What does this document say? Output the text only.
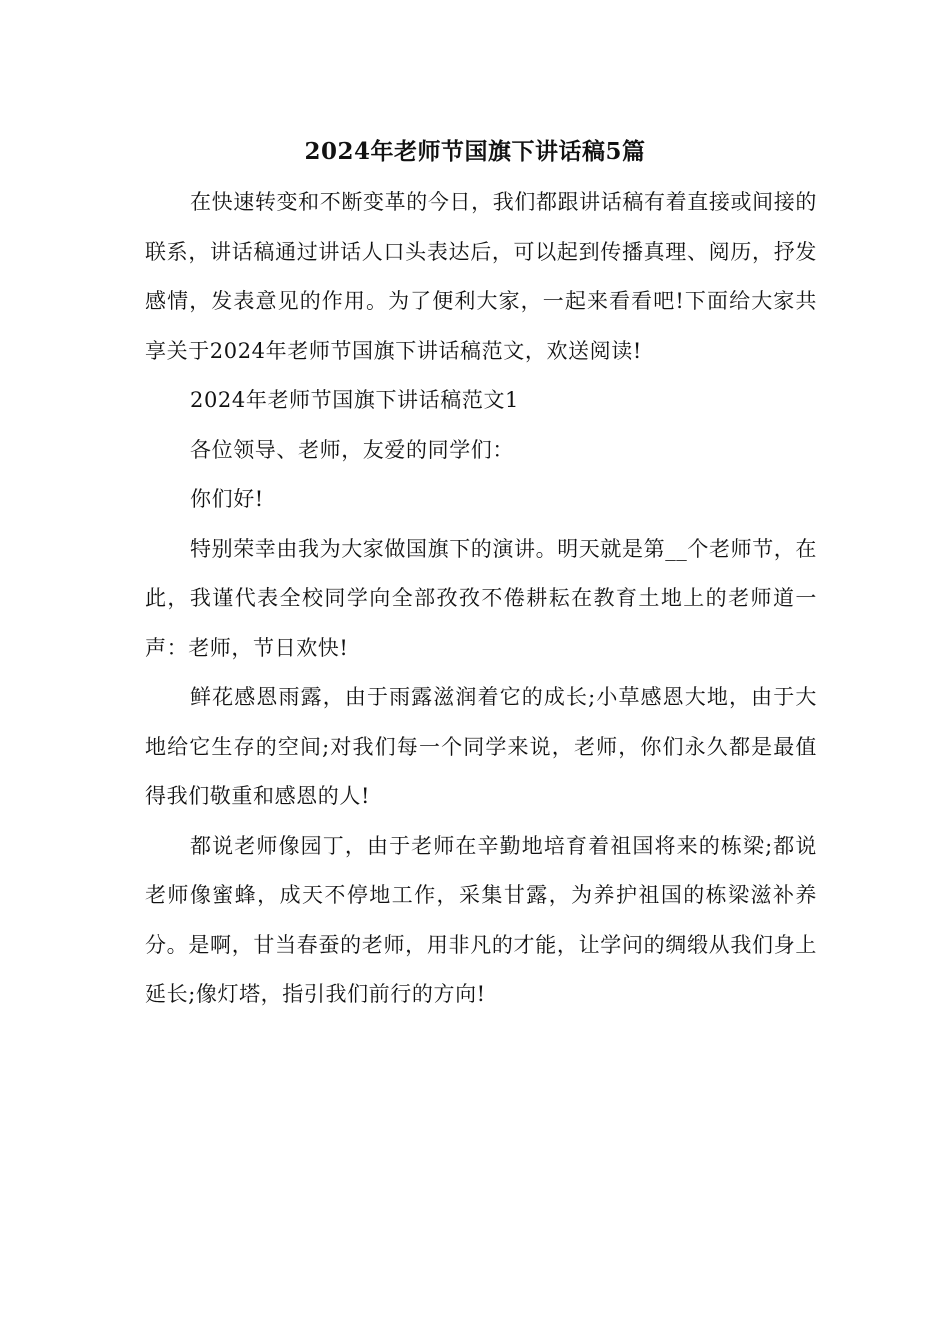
2024年老师节国旗下讲话稿5篇

在快速转变和不断变革的今日，我们都跟讲话稿有着直接或间接的联系，讲话稿通过讲话人口头表达后，可以起到传播真理、阅历，抒发感情，发表意见的作用。为了便利大家，一起来看看吧!下面给大家共享关于2024年老师节国旗下讲话稿范文，欢送阅读!

2024年老师节国旗下讲话稿范文1

各位领导、老师，友爱的同学们：

你们好!

特别荣幸由我为大家做国旗下的演讲。明天就是第__个老师节，在此，我谨代表全校同学向全部孜孜不倦耕耘在教育土地上的老师道一声：老师，节日欢快!

鲜花感恩雨露，由于雨露滋润着它的成长;小草感恩大地，由于大地给它生存的空间;对我们每一个同学来说，老师，你们永久都是最值得我们敬重和感恩的人!

都说老师像园丁，由于老师在辛勤地培育着祖国将来的栋梁;都说老师像蜜蜂，成天不停地工作，采集甘露，为养护祖国的栋梁滋补养分。是啊，甘当春蚕的老师，用非凡的才能，让学问的绸缎从我们身上延长;像灯塔，指引我们前行的方向!
